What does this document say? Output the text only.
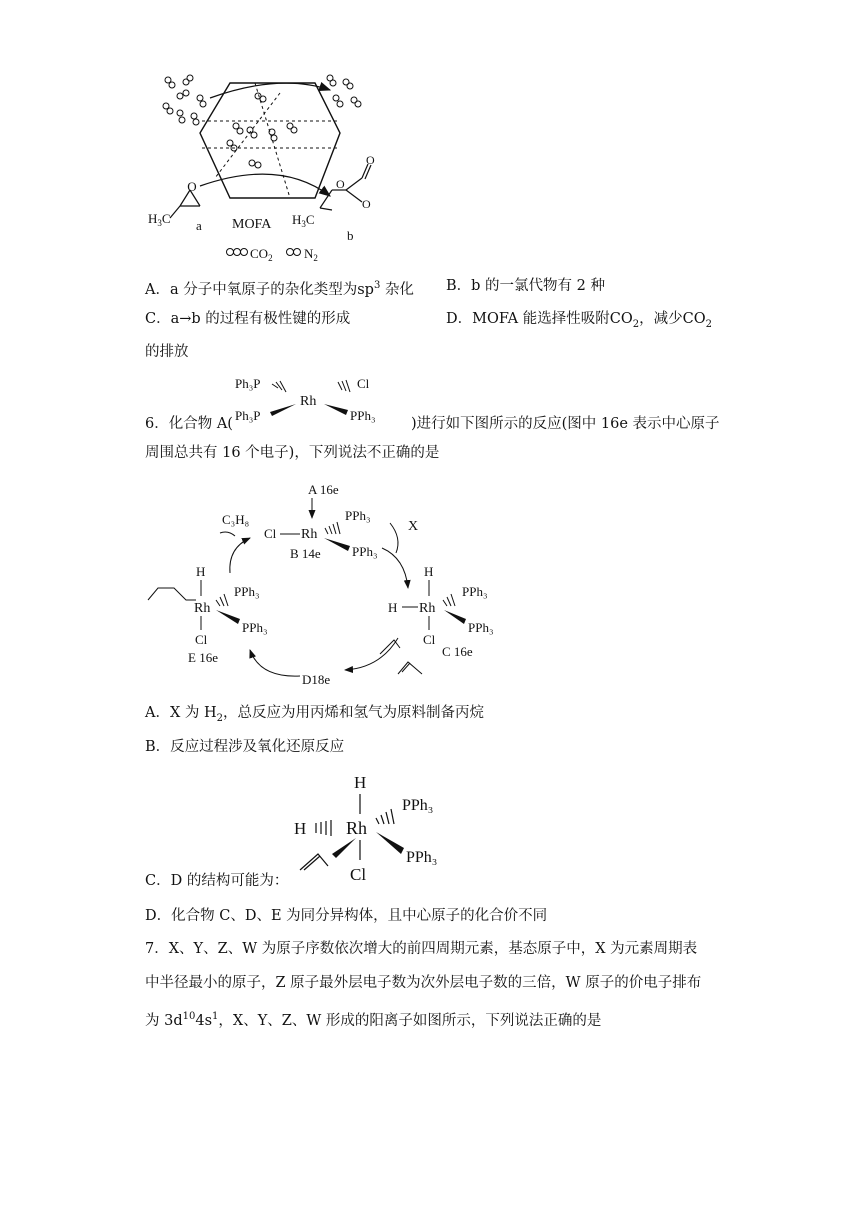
O
$H_3C$ a MOFA
O
O
O
$H_3C$
b
$CO_2$ $N_2$
A．a 分子中氧原子的杂化类型为$sp^3$ 杂化 B．b 的一氯代物有 2 种
C．a→b 的过程有极性键的形成	D．MOFA 能选择性吸附$CO_2$，减少$CO_2$
的排放
Ph₃P	Cl
Rh
Ph₃P	PPh₃
6．化合物 A(	)进行如下图所示的反应(图中 16e 表示中心原子
周围总共有 16 个电子)，下列说法不正确的是
A 16e
C₃H₈
Cl Rh
PPh₃
PPh₃
B 14e
X
H
Rh
PPh₃
PPh₃
Cl
E 16e
H
H Rh
PPh₃
PPh₃
Cl
C 16e
D18e
A．X 为 $H_2$，总反应为用丙烯和氢气为原料制备丙烷
B．反应过程涉及氧化还原反应
H
H Rh
PPh₃
PPh₃
Cl
C．D 的结构可能为：
D．化合物 C、D、E 为同分异构体，且中心原子的化合价不同
7．X、Y、Z、W 为原子序数依次增大的前四周期元素，基态原子中，X 为元素周期表
中半径最小的原子，Z 原子最外层电子数为次外层电子数的三倍，W 原子的价电子排布
为 $3d^{10}4s^1$，X、Y、Z、W 形成的阳离子如图所示，下列说法正确的是
